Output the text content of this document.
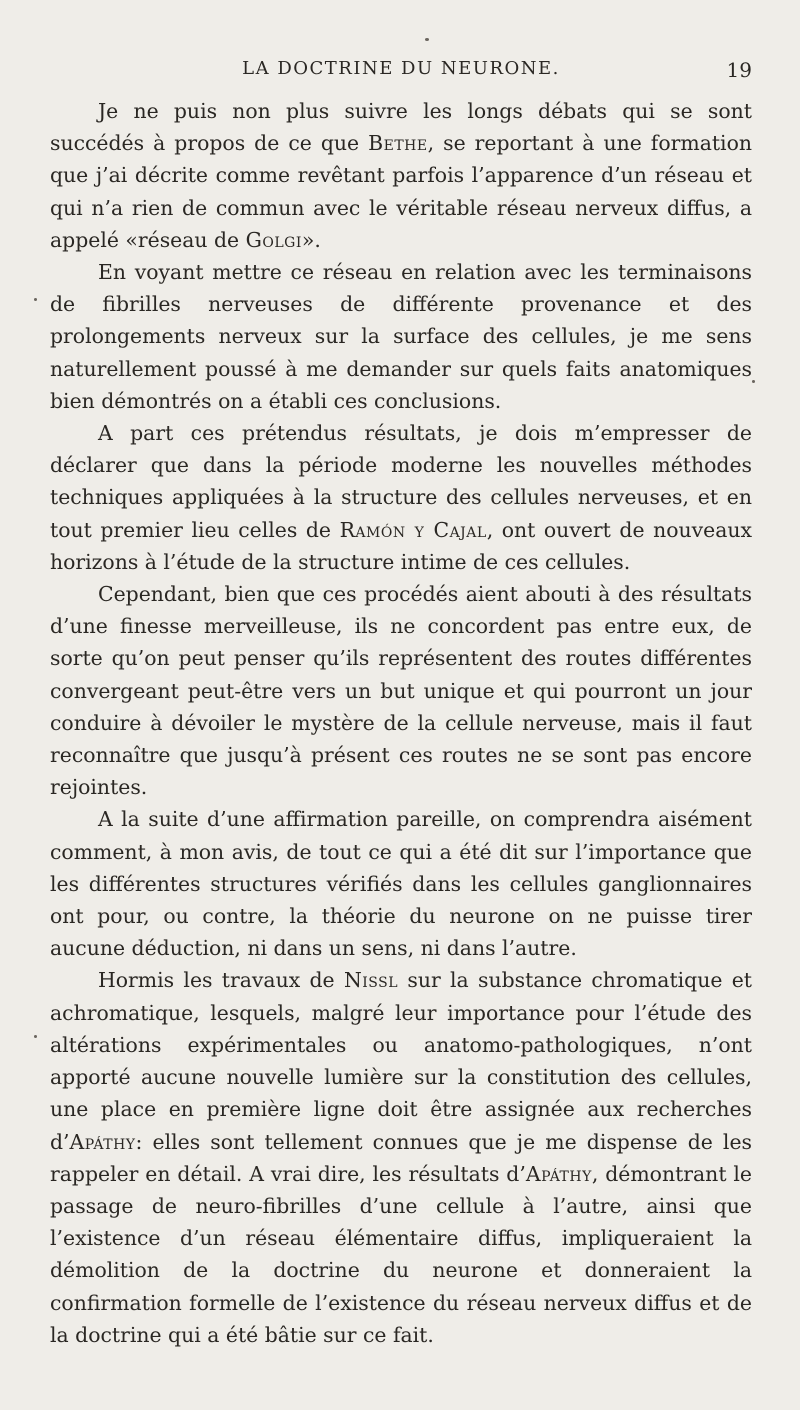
LA DOCTRINE DU NEURONE.	19

Je ne puis non plus suivre les longs débats qui se sont succédés à propos de ce que Bethe, se reportant à une formation que j’ai décrite comme revêtant parfois l’apparence d’un réseau et qui n’a rien de commun avec le véritable réseau nerveux diffus, a appelé «réseau de Golgi».

En voyant mettre ce réseau en relation avec les terminaisons de fibrilles nerveuses de différente provenance et des prolongements nerveux sur la surface des cellules, je me sens naturellement poussé à me demander sur quels faits anatomiques bien démontrés on a établi ces conclusions.

A part ces prétendus résultats, je dois m’empresser de déclarer que dans la période moderne les nouvelles méthodes techniques appliquées à la structure des cellules nerveuses, et en tout premier lieu celles de Ramón y Cajal, ont ouvert de nouveaux horizons à l’étude de la structure intime de ces cellules.

Cependant, bien que ces procédés aient abouti à des résultats d’une finesse merveilleuse, ils ne concordent pas entre eux, de sorte qu’on peut penser qu’ils représentent des routes différentes convergeant peut-être vers un but unique et qui pourront un jour conduire à dévoiler le mystère de la cellule nerveuse, mais il faut reconnaître que jusqu’à présent ces routes ne se sont pas encore rejointes.

A la suite d’une affirmation pareille, on comprendra aisément comment, à mon avis, de tout ce qui a été dit sur l’importance que les différentes structures vérifiés dans les cellules ganglionnaires ont pour, ou contre, la théorie du neurone on ne puisse tirer aucune déduction, ni dans un sens, ni dans l’autre.

Hormis les travaux de Nissl sur la substance chromatique et achromatique, lesquels, malgré leur importance pour l’étude des altérations expérimentales ou anatomo-pathologiques, n’ont apporté aucune nouvelle lumière sur la constitution des cellules, une place en première ligne doit être assignée aux recherches d’Apáthy: elles sont tellement connues que je me dispense de les rappeler en détail. A vrai dire, les résultats d’Apáthy, démontrant le passage de neuro-fibrilles d’une cellule à l’autre, ainsi que l’existence d’un réseau élémentaire diffus, impliqueraient la démolition de la doctrine du neurone et donneraient la confirmation formelle de l’existence du réseau nerveux diffus et de la doctrine qui a été bâtie sur ce fait.
